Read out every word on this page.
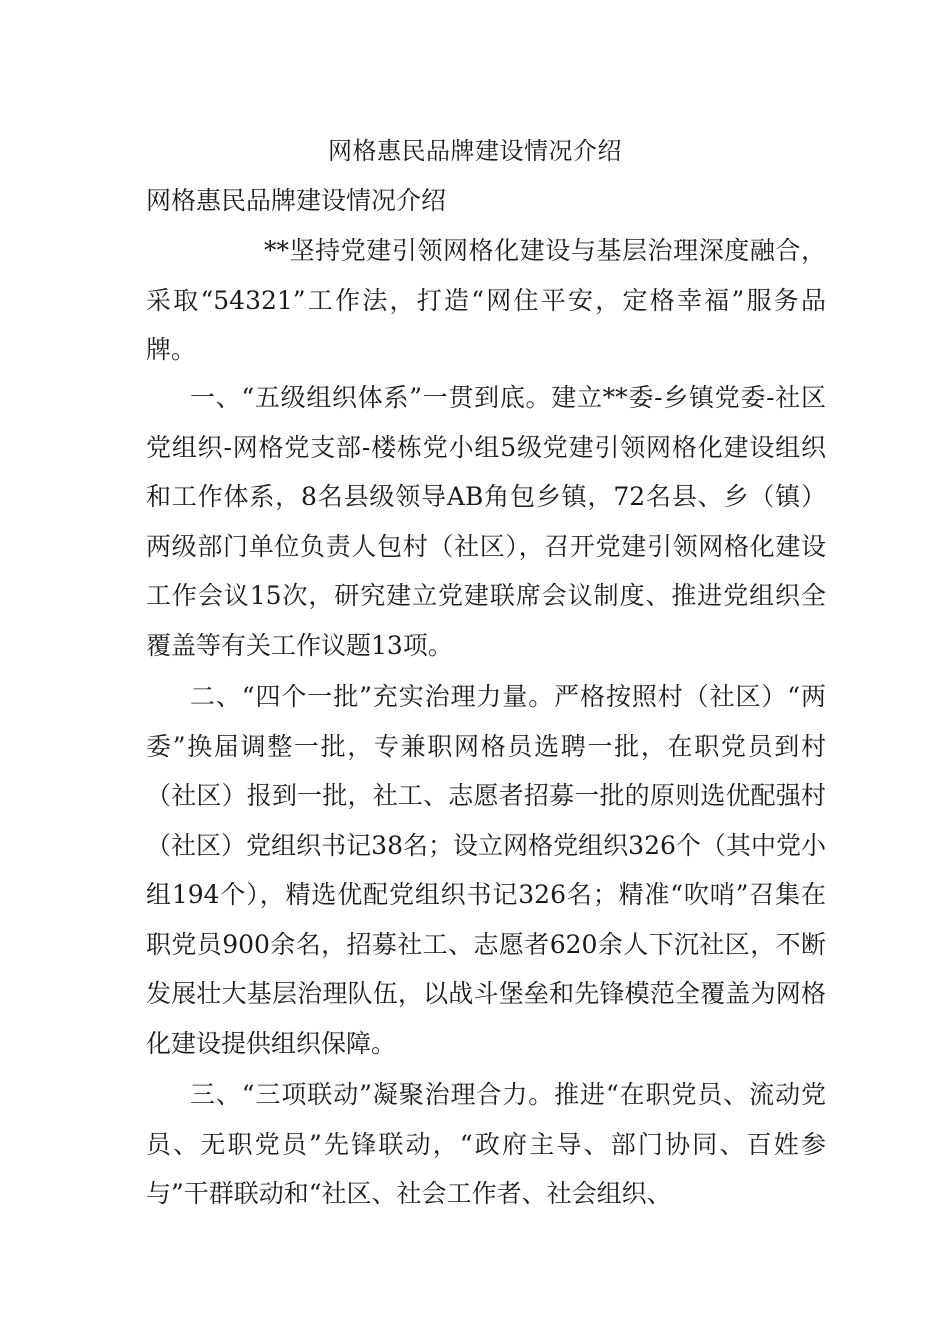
网格惠民品牌建设情况介绍
网格惠民品牌建设情况介绍

**坚持党建引领网格化建设与基层治理深度融合， 采取“54321”工作法，打造“网住平安，定格幸福”服务品牌。

一、“五级组织体系”一贯到底。建立**委-乡镇党委-社区党组织-网格党支部-楼栋党小组5级党建引领网格化建设组织和工作体系，8名县级领导AB角包乡镇，72名县、乡（镇）两级部门单位负责人包村（社区），召开党建引领网格化建设工作会议15次，研究建立党建联席会议制度、推进党组织全覆盖等有关工作议题13项。

二、“四个一批”充实治理力量。严格按照村（社区）“两委”换届调整一批，专兼职网格员选聘一批，在职党员到村（社区）报到一批，社工、志愿者招募一批的原则选优配强村（社区）党组织书记38名；设立网格党组织326个（其中党小组194个），精选优配党组织书记326名；精准“吹哨”召集在职党员900余名，招募社工、志愿者620余人下沉社区，不断发展壮大基层治理队伍，以战斗堡垒和先锋模范全覆盖为网格化建设提供组织保障。

三、“三项联动”凝聚治理合力。推进“在职党员、流动党员、无职党员”先锋联动，“政府主导、部门协同、百姓参与”干群联动和“社区、社会工作者、社会组织、
